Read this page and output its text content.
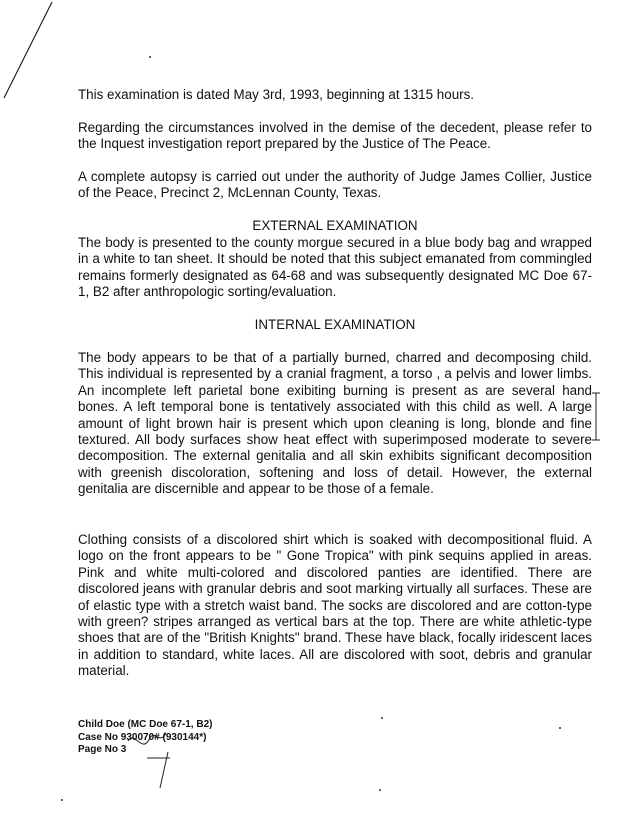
This examination is dated May 3rd, 1993, beginning at 1315 hours.

Regarding the circumstances involved in the demise of the decedent, please refer to the Inquest investigation report prepared by the Justice of The Peace.

A complete autopsy is carried out under the authority of Judge James Collier, Justice of the Peace, Precinct 2, McLennan County, Texas.

EXTERNAL EXAMINATION

The body is presented to the county morgue secured in a blue body bag and wrapped in a white to tan sheet. It should be noted that this subject emanated from commingled remains formerly designated as 64-68 and was subsequently designated MC Doe 67-1, B2 after anthropologic sorting/evaluation.

INTERNAL EXAMINATION

The body appears to be that of a partially burned, charred and decomposing child. This individual is represented by a cranial fragment, a torso , a pelvis and lower limbs. An incomplete left parietal bone exibiting burning is present as are several hand bones. A left temporal bone is tentatively associated with this child as well. A large amount of light brown hair is present which upon cleaning is long, blonde and fine textured. All body surfaces show heat effect with superimposed moderate to severe decomposition. The external genitalia and all skin exhibits significant decomposition with greenish discoloration, softening and loss of detail. However, the external genitalia are discernible and appear to be those of a female.

Clothing consists of a discolored shirt which is soaked with decompositional fluid. A logo on the front appears to be " Gone Tropica" with pink sequins applied in areas. Pink and white multi-colored and discolored panties are identified. There are discolored jeans with granular debris and soot marking virtually all surfaces. These are of elastic type with a stretch waist band. The socks are discolored and are cotton-type with green? stripes arranged as vertical bars at the top. There are white athletic-type shoes that are of the "British Knights" brand. These have black, focally iridescent laces in addition to standard, white laces. All are discolored with soot, debris and granular material.

Child Doe (MC Doe 67-1, B2)
Case No 930070# (930144*)
Page No 3
